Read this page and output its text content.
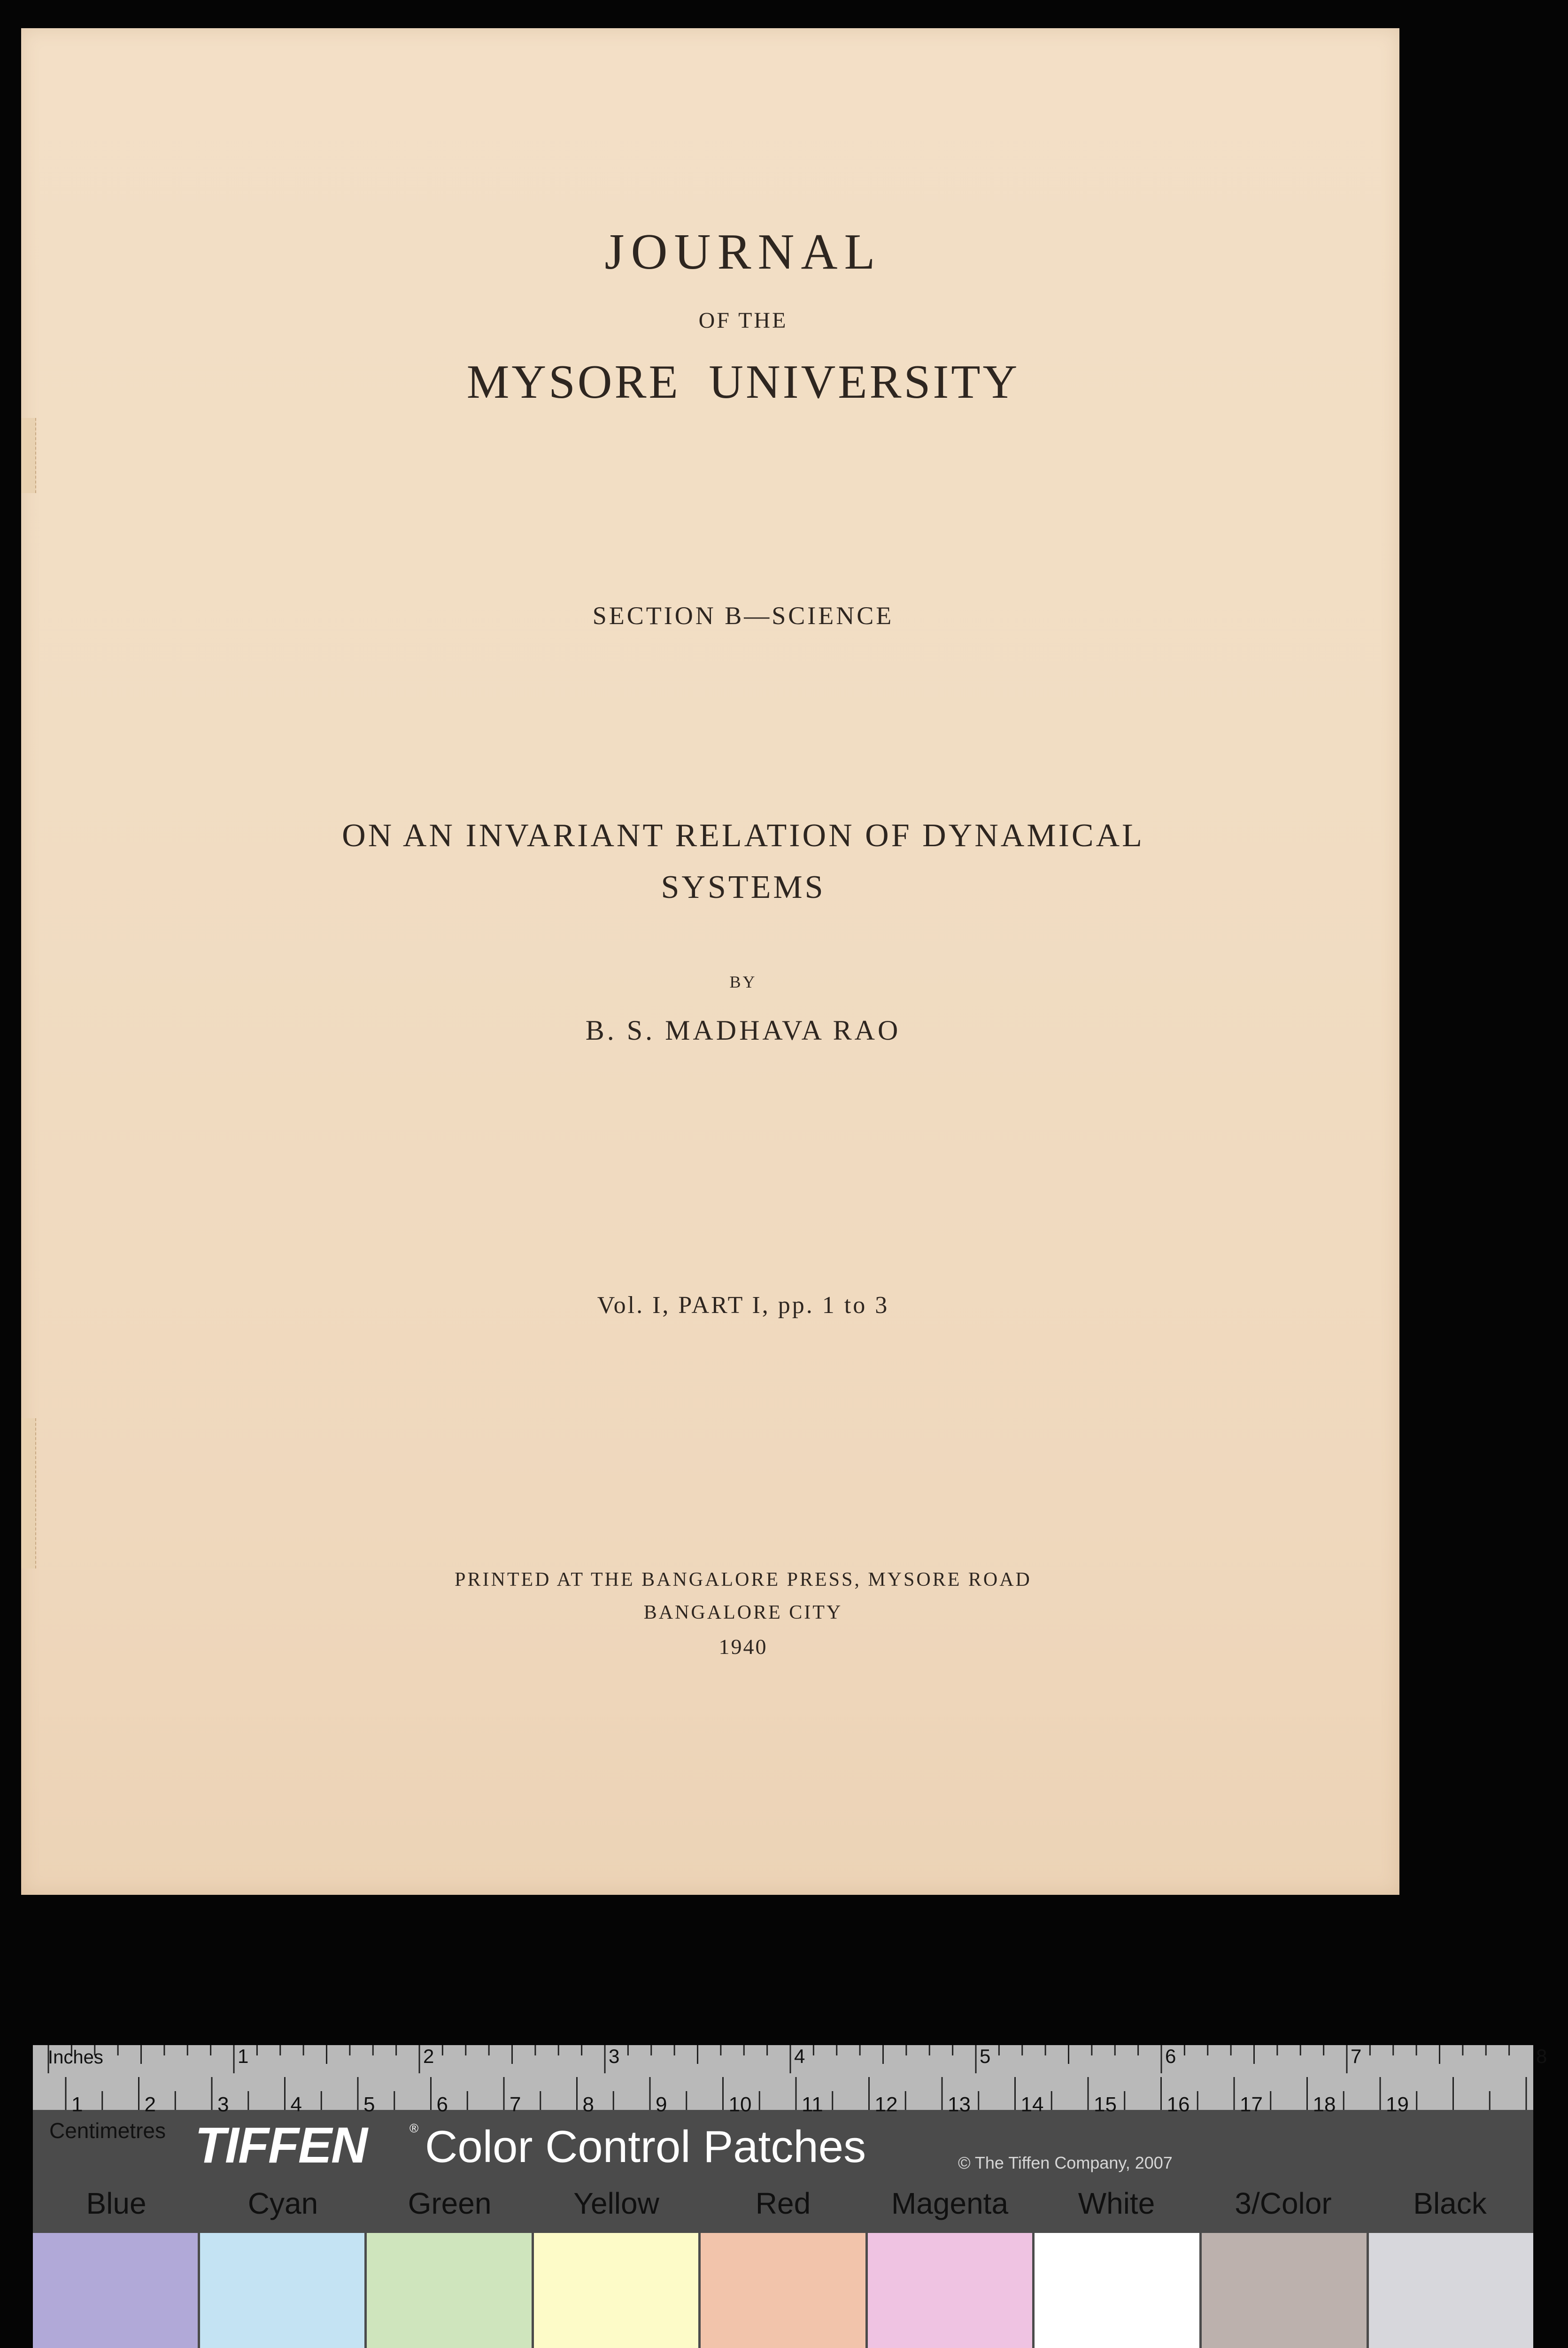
JOURNAL
OF THE
MYSORE UNIVERSITY
SECTION B—SCIENCE
ON AN INVARIANT RELATION OF DYNAMICAL
SYSTEMS
BY
B. S. MADHAVA RAO
Vol. I, PART I, pp. 1 to 3
PRINTED AT THE BANGALORE PRESS, MYSORE ROAD
BANGALORE CITY
1940
Inches	1	2	3	4	5	6	7	8
1	2	3	4	5	6	7	8	9	10 11 12 13 14 15 16 17 18 19
Centimetres TIFFEN	® Color Control Patches	© The Tiffen Company, 2007
Blue	Cyan	Green	Yellow	Red	Magenta	White	3/Color	Black
